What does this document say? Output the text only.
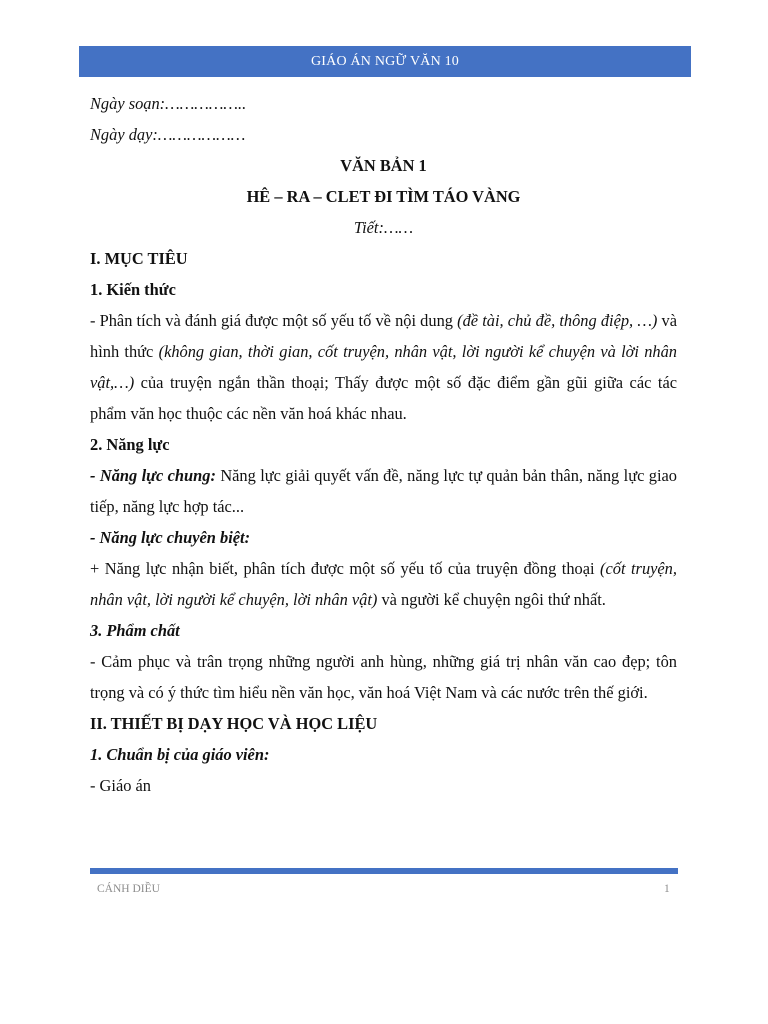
GIÁO ÁN NGỮ VĂN 10

Ngày soạn:……………..

Ngày dạy:………………

VĂN BẢN 1

HÊ – RA – CLET ĐI TÌM TÁO VÀNG

Tiết:……

I. MỤC TIÊU

1. Kiến thức

- Phân tích và đánh giá được một số yếu tố về nội dung (đề tài, chủ đề, thông điệp, …) và hình thức (không gian, thời gian, cốt truyện, nhân vật, lời người kể chuyện và lời nhân vật,…) của truyện ngắn thần thoại; Thấy được một số đặc điểm gần gũi giữa các tác phẩm văn học thuộc các nền văn hoá khác nhau.

2. Năng lực

- Năng lực chung: Năng lực giải quyết vấn đề, năng lực tự quản bản thân, năng lực giao tiếp, năng lực hợp tác...

- Năng lực chuyên biệt:

+ Năng lực nhận biết, phân tích được một số yếu tố của truyện đồng thoại (cốt truyện, nhân vật, lời người kể chuyện, lời nhân vật) và người kể chuyện ngôi thứ nhất.

3. Phẩm chất

- Cảm phục và trân trọng những người anh hùng, những giá trị nhân văn cao đẹp; tôn trọng và có ý thức tìm hiểu nền văn học, văn hoá Việt Nam và các nước trên thế giới.

II. THIẾT BỊ DẠY HỌC VÀ HỌC LIỆU

1. Chuẩn bị của giáo viên:

- Giáo án

CÁNH DIỀU	1
